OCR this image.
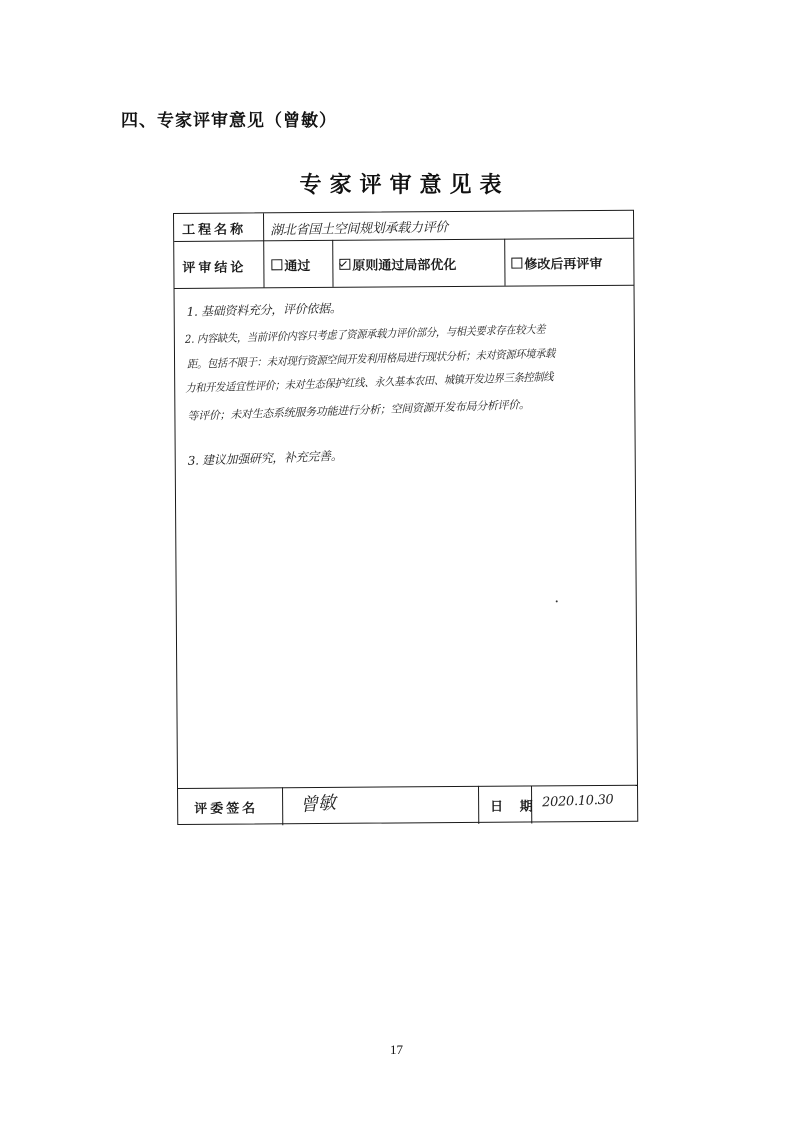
四、专家评审意见（曾敏）
专家评审意见表
工程名称 湖北省国土空间规划承载力评价
评审结论	通过	原则通过局部优化	修改后再评审
1. 基础资料充分，评价依据。
2. 内容缺失，当前评价内容只考虑了资源承载力评价部分，与相关要求存在较大差
距。包括不限于：未对现行资源空间开发利用格局进行现状分析；未对资源环境承载
力和开发适宜性评价；未对生态保护红线、永久基本农田、城镇开发边界三条控制线
等评价；未对生态系统服务功能进行分析；空间资源开发布局分析评价。
3. 建议加强研究，补充完善。
评委签名 曾敏	日 期 2020.10.30
17
